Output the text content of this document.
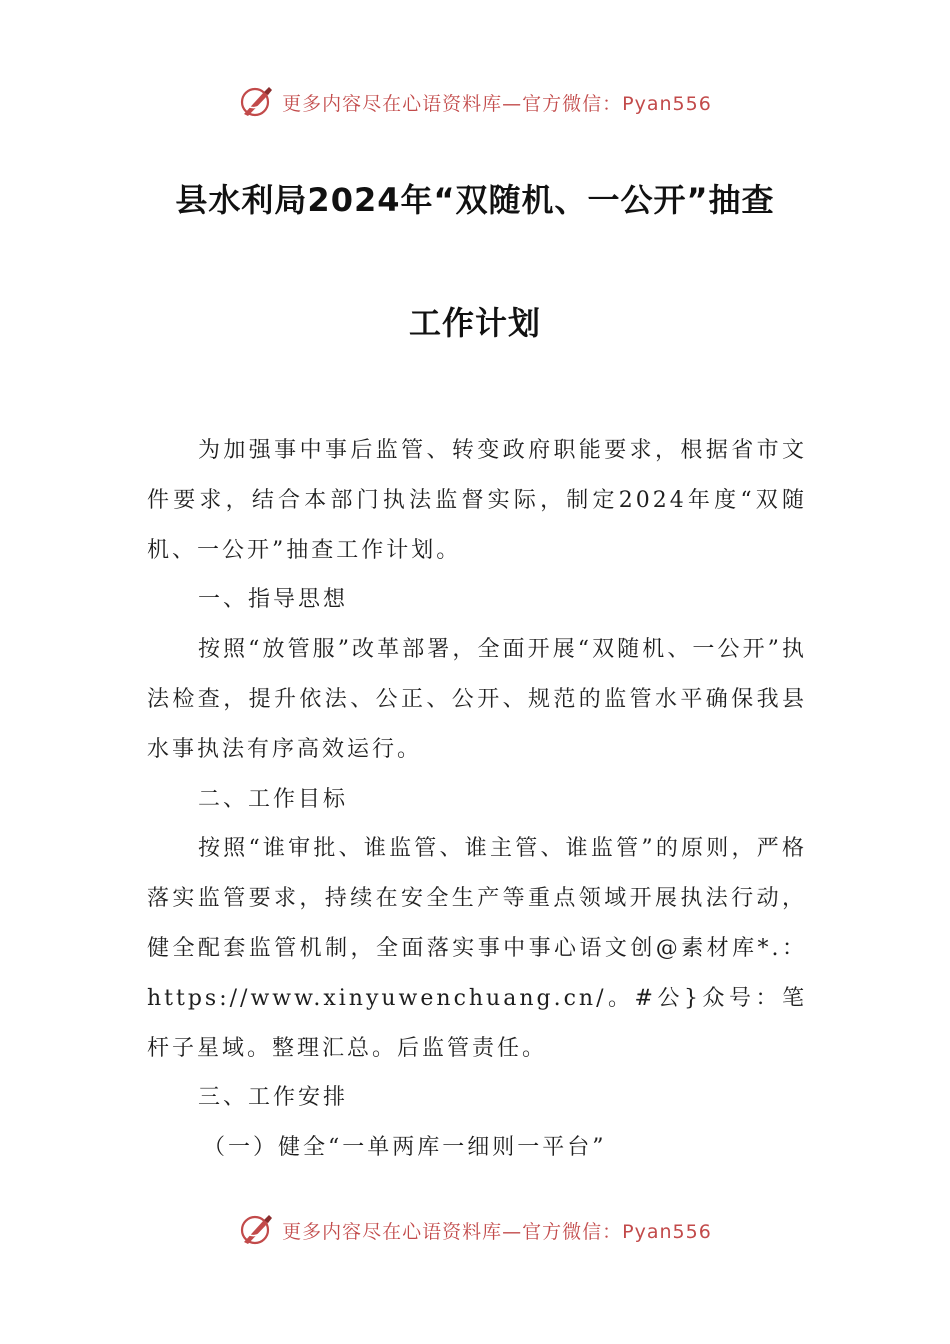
更多内容尽在心语资料库—官方微信：Pyan556
县水利局2024年“双随机、一公开”抽查
工作计划

为加强事中事后监管、转变政府职能要求，根据省市文件要求，结合本部门执法监督实际，制定2024年度“双随机、一公开”抽查工作计划。

一、指导思想

按照“放管服”改革部署，全面开展“双随机、一公开”执法检查，提升依法、公正、公开、规范的监管水平确保我县水事执法有序高效运行。

二、工作目标

按照“谁审批、谁监管、谁主管、谁监管”的原则，严格落实监管要求，持续在安全生产等重点领域开展执法行动，健全配套监管机制，全面落实事中事心语文创@素材库*.：https://www.xinyuwenchuang.cn/。#公}众号：笔杆子星域。整理汇总。后监管责任。

三、工作安排

（一）健全“一单两库一细则一平台”

更多内容尽在心语资料库—官方微信：Pyan556
